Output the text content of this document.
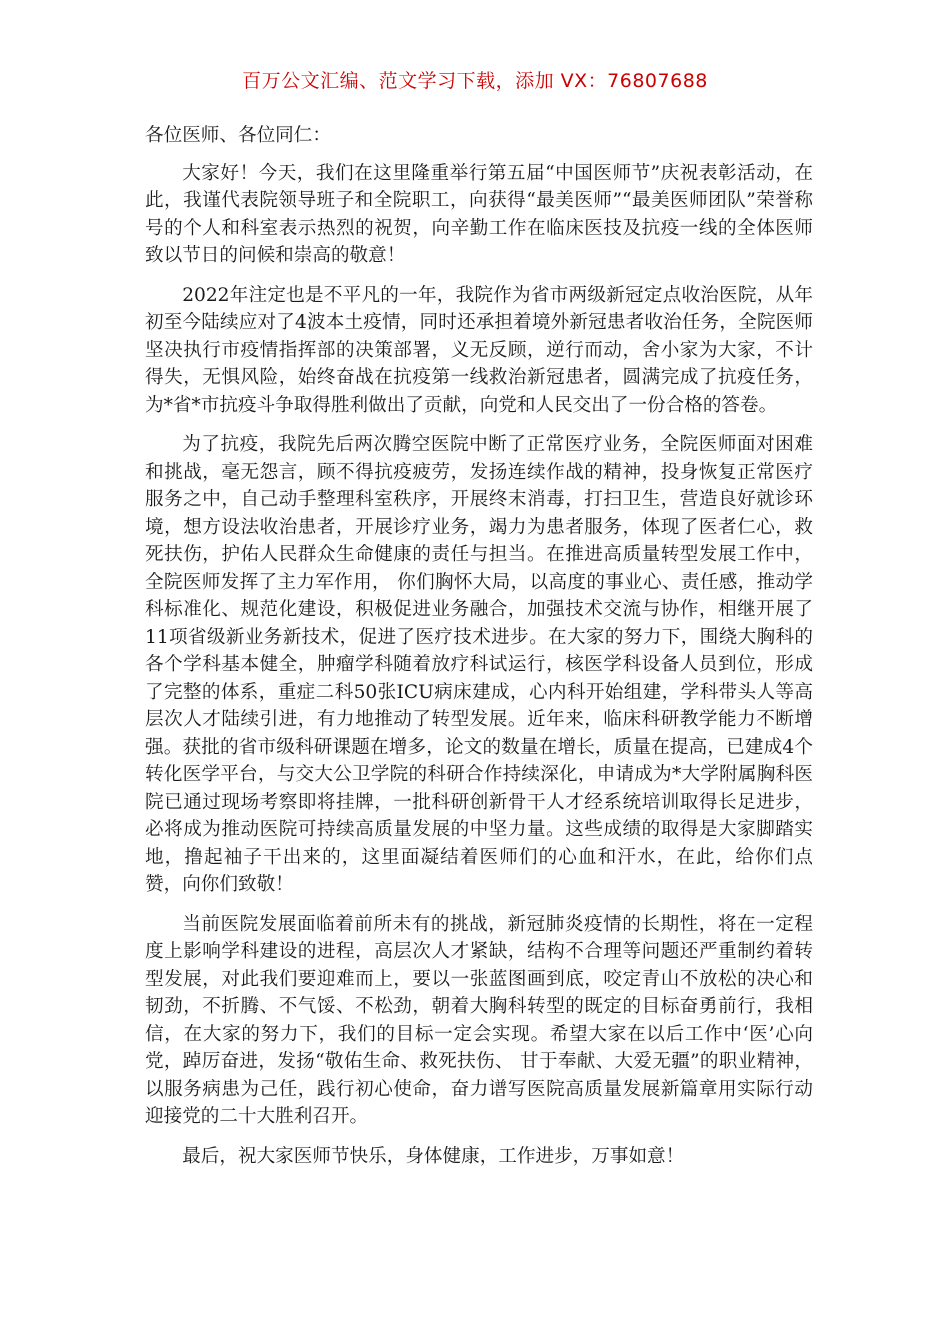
百万公文汇编、范文学习下载，添加 VX：76807688

各位医师、各位同仁：

大家好！今天，我们在这里隆重举行第五届“中国医师节”庆祝表彰活动，在此，我谨代表院领导班子和全院职工，向获得“最美医师”“最美医师团队”荣誉称号的个人和科室表示热烈的祝贺，向辛勤工作在临床医技及抗疫一线的全体医师致以节日的问候和崇高的敬意！

2022年注定也是不平凡的一年，我院作为省市两级新冠定点收治医院，从年初至今陆续应对了4波本土疫情，同时还承担着境外新冠患者收治任务，全院医师坚决执行市疫情指挥部的决策部署，义无反顾，逆行而动，舍小家为大家，不计得失，无惧风险，始终奋战在抗疫第一线救治新冠患者，圆满完成了抗疫任务，为*省*市抗疫斗争取得胜利做出了贡献，向党和人民交出了一份合格的答卷。

为了抗疫，我院先后两次腾空医院中断了正常医疗业务，全院医师面对困难和挑战，毫无怨言，顾不得抗疫疲劳，发扬连续作战的精神，投身恢复正常医疗服务之中，自己动手整理科室秩序，开展终末消毒，打扫卫生，营造良好就诊环境，想方设法收治患者，开展诊疗业务，竭力为患者服务，体现了医者仁心，救死扶伤，护佑人民群众生命健康的责任与担当。在推进高质量转型发展工作中，全院医师发挥了主力军作用， 你们胸怀大局，以高度的事业心、责任感，推动学科标准化、规范化建设，积极促进业务融合，加强技术交流与协作，相继开展了11项省级新业务新技术，促进了医疗技术进步。在大家的努力下，围绕大胸科的各个学科基本健全，肿瘤学科随着放疗科试运行，核医学科设备人员到位，形成了完整的体系，重症二科50张ICU病床建成，心内科开始组建，学科带头人等高层次人才陆续引进，有力地推动了转型发展。近年来，临床科研教学能力不断增强。获批的省市级科研课题在增多，论文的数量在增长，质量在提高，已建成4个转化医学平台，与交大公卫学院的科研合作持续深化，申请成为*大学附属胸科医院已通过现场考察即将挂牌，一批科研创新骨干人才经系统培训取得长足进步，必将成为推动医院可持续高质量发展的中坚力量。这些成绩的取得是大家脚踏实地，撸起袖子干出来的，这里面凝结着医师们的心血和汗水，在此，给你们点赞，向你们致敬！

当前医院发展面临着前所未有的挑战，新冠肺炎疫情的长期性，将在一定程度上影响学科建设的进程，高层次人才紧缺，结构不合理等问题还严重制约着转型发展，对此我们要迎难而上，要以一张蓝图画到底，咬定青山不放松的决心和韧劲，不折腾、不气馁、不松劲，朝着大胸科转型的既定的目标奋勇前行，我相信，在大家的努力下，我们的目标一定会实现。希望大家在以后工作中‘医’心向党，踔厉奋进，发扬“敬佑生命、救死扶伤、 甘于奉献、大爱无疆”的职业精神，以服务病患为己任，践行初心使命，奋力谱写医院高质量发展新篇章用实际行动迎接党的二十大胜利召开。

最后，祝大家医师节快乐，身体健康，工作进步，万事如意！
